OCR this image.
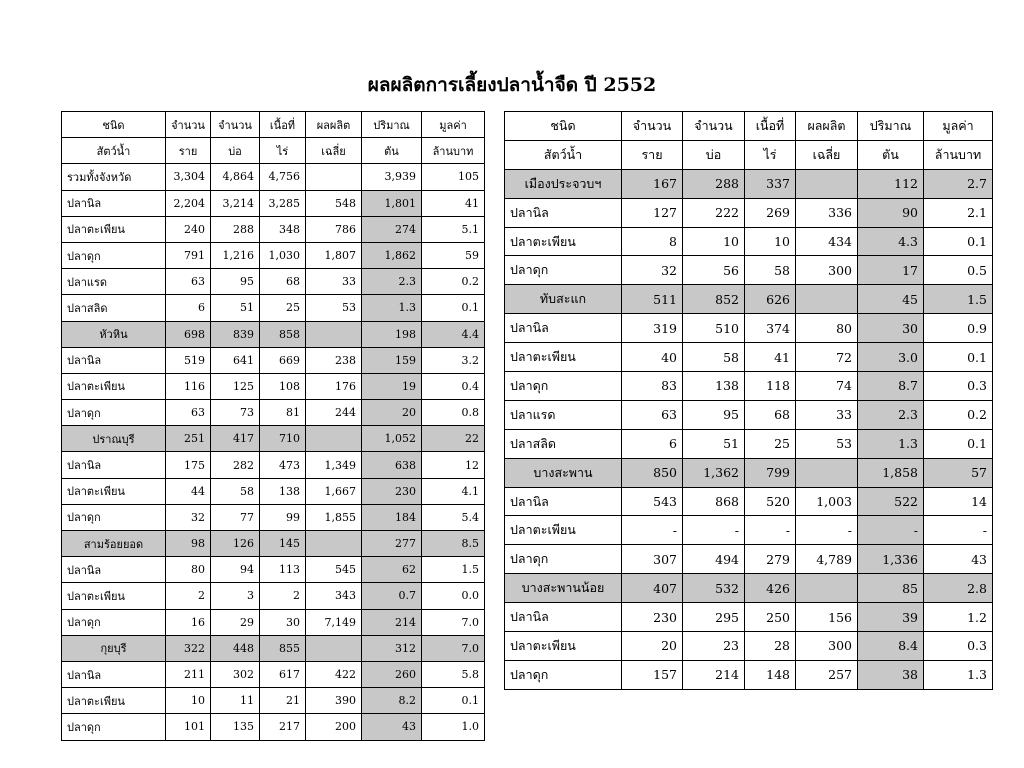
ผลผลิตการเลี้ยงปลาน้ำจืด ปี 2552
ชนิด	จำนวน	จำนวน	เนื้อที่	ผลผลิต	ปริมาณ	มูลค่า
สัตว์น้ำ	ราย	บ่อ	ไร่	เฉลี่ย	ตัน	ล้านบาท
รวมทั้งจังหวัด	3,304	4,864	4,756		3,939	105
ปลานิล	2,204	3,214	3,285	548	1,801	41
ปลาตะเพียน	240	288	348	786	274	5.1
ปลาดุก	791	1,216	1,030	1,807	1,862	59
ปลาแรด	63	95	68	33	2.3	0.2
ปลาสลิด	6	51	25	53	1.3	0.1
หัวหิน	698	839	858		198	4.4
ปลานิล	519	641	669	238	159	3.2
ปลาตะเพียน	116	125	108	176	19	0.4
ปลาดุก	63	73	81	244	20	0.8
ปราณบุรี	251	417	710		1,052	22
ปลานิล	175	282	473	1,349	638	12
ปลาตะเพียน	44	58	138	1,667	230	4.1
ปลาดุก	32	77	99	1,855	184	5.4
สามร้อยยอด	98	126	145		277	8.5
ปลานิล	80	94	113	545	62	1.5
ปลาตะเพียน	2	3	2	343	0.7	0.0
ปลาดุก	16	29	30	7,149	214	7.0
กุยบุรี	322	448	855		312	7.0
ปลานิล	211	302	617	422	260	5.8
ปลาตะเพียน	10	11	21	390	8.2	0.1
ปลาดุก	101	135	217	200	43	1.0
ชนิด	จำนวน	จำนวน	เนื้อที่	ผลผลิต	ปริมาณ	มูลค่า
สัตว์น้ำ	ราย	บ่อ	ไร่	เฉลี่ย	ตัน	ล้านบาท
เมืองประจวบฯ	167	288	337		112	2.7
ปลานิล	127	222	269	336	90	2.1
ปลาตะเพียน	8	10	10	434	4.3	0.1
ปลาดุก	32	56	58	300	17	0.5
ทับสะแก	511	852	626		45	1.5
ปลานิล	319	510	374	80	30	0.9
ปลาตะเพียน	40	58	41	72	3.0	0.1
ปลาดุก	83	138	118	74	8.7	0.3
ปลาแรด	63	95	68	33	2.3	0.2
ปลาสลิด	6	51	25	53	1.3	0.1
บางสะพาน	850	1,362	799		1,858	57
ปลานิล	543	868	520	1,003	522	14
ปลาตะเพียน	-	-	-	-	-	-
ปลาดุก	307	494	279	4,789	1,336	43
บางสะพานน้อย	407	532	426		85	2.8
ปลานิล	230	295	250	156	39	1.2
ปลาตะเพียน	20	23	28	300	8.4	0.3
ปลาดุก	157	214	148	257	38	1.3
